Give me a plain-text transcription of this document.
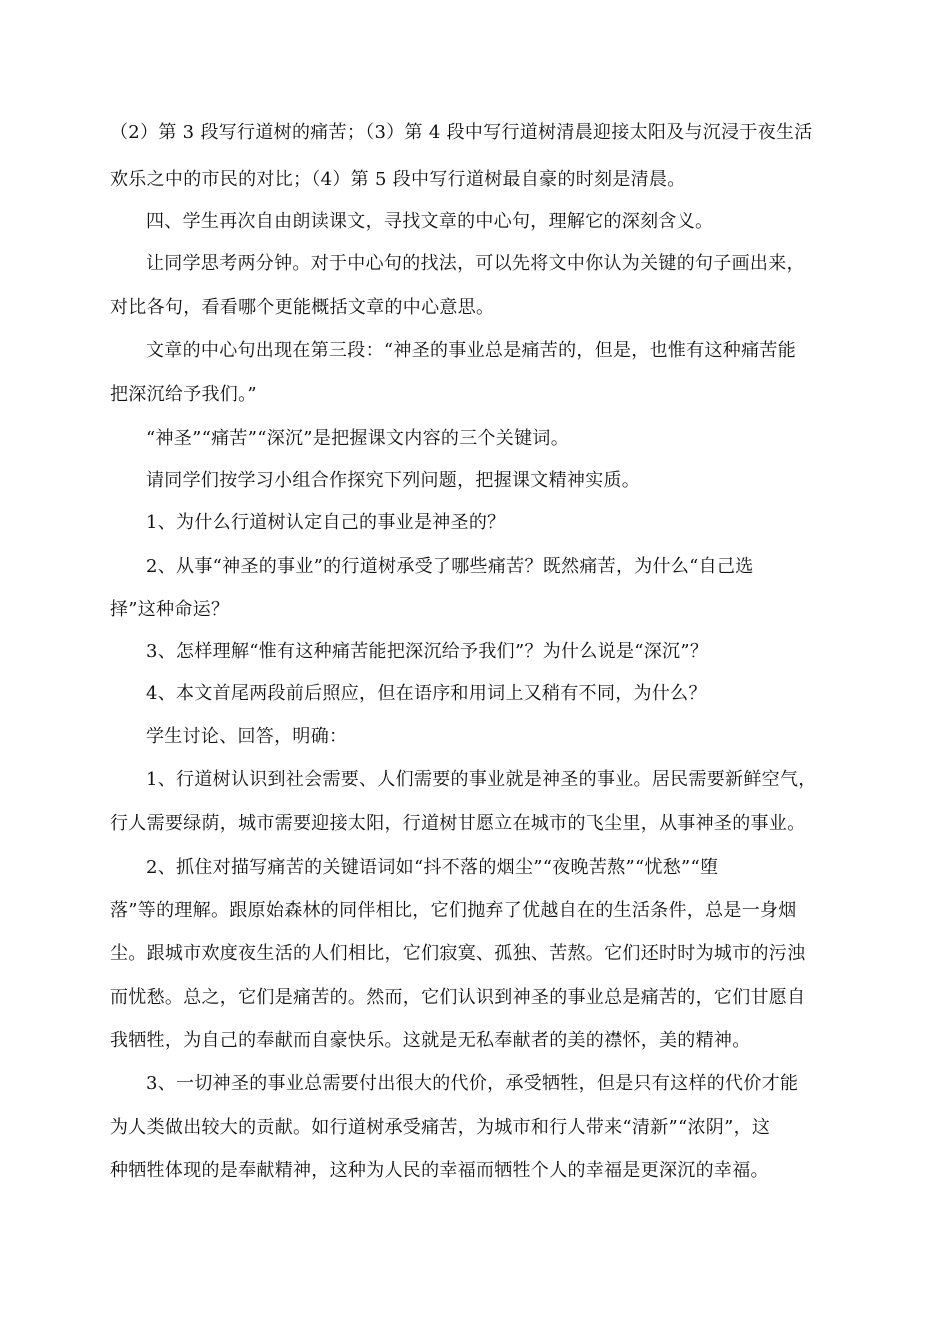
（2）第 3 段写行道树的痛苦；（3）第 4 段中写行道树清晨迎接太阳及与沉浸于夜生活
欢乐之中的市民的对比；（4）第 5 段中写行道树最自豪的时刻是清晨。
四、学生再次自由朗读课文，寻找文章的中心句，理解它的深刻含义。
让同学思考两分钟。对于中心句的找法，可以先将文中你认为关键的句子画出来，
对比各句，看看哪个更能概括文章的中心意思。
文章的中心句出现在第三段：“神圣的事业总是痛苦的，但是，也惟有这种痛苦能
把深沉给予我们。”
“神圣”“痛苦”“深沉”是把握课文内容的三个关键词。
请同学们按学习小组合作探究下列问题，把握课文精神实质。
1、为什么行道树认定自己的事业是神圣的？
2、从事“神圣的事业”的行道树承受了哪些痛苦？既然痛苦，为什么“自己选
择”这种命运？
3、怎样理解“惟有这种痛苦能把深沉给予我们”？为什么说是“深沉”？
4、本文首尾两段前后照应，但在语序和用词上又稍有不同，为什么？
学生讨论、回答，明确：
1、行道树认识到社会需要、人们需要的事业就是神圣的事业。居民需要新鲜空气，
行人需要绿荫，城市需要迎接太阳，行道树甘愿立在城市的飞尘里，从事神圣的事业。
2、抓住对描写痛苦的关键语词如“抖不落的烟尘”“夜晚苦熬”“忧愁”“堕
落”等的理解。跟原始森林的同伴相比，它们抛弃了优越自在的生活条件，总是一身烟
尘。跟城市欢度夜生活的人们相比，它们寂寞、孤独、苦熬。它们还时时为城市的污浊
而忧愁。总之，它们是痛苦的。然而，它们认识到神圣的事业总是痛苦的，它们甘愿自
我牺牲，为自己的奉献而自豪快乐。这就是无私奉献者的美的襟怀，美的精神。
3、一切神圣的事业总需要付出很大的代价，承受牺牲，但是只有这样的代价才能
为人类做出较大的贡献。如行道树承受痛苦，为城市和行人带来“清新”“浓阴”，这
种牺牲体现的是奉献精神，这种为人民的幸福而牺牲个人的幸福是更深沉的幸福。
